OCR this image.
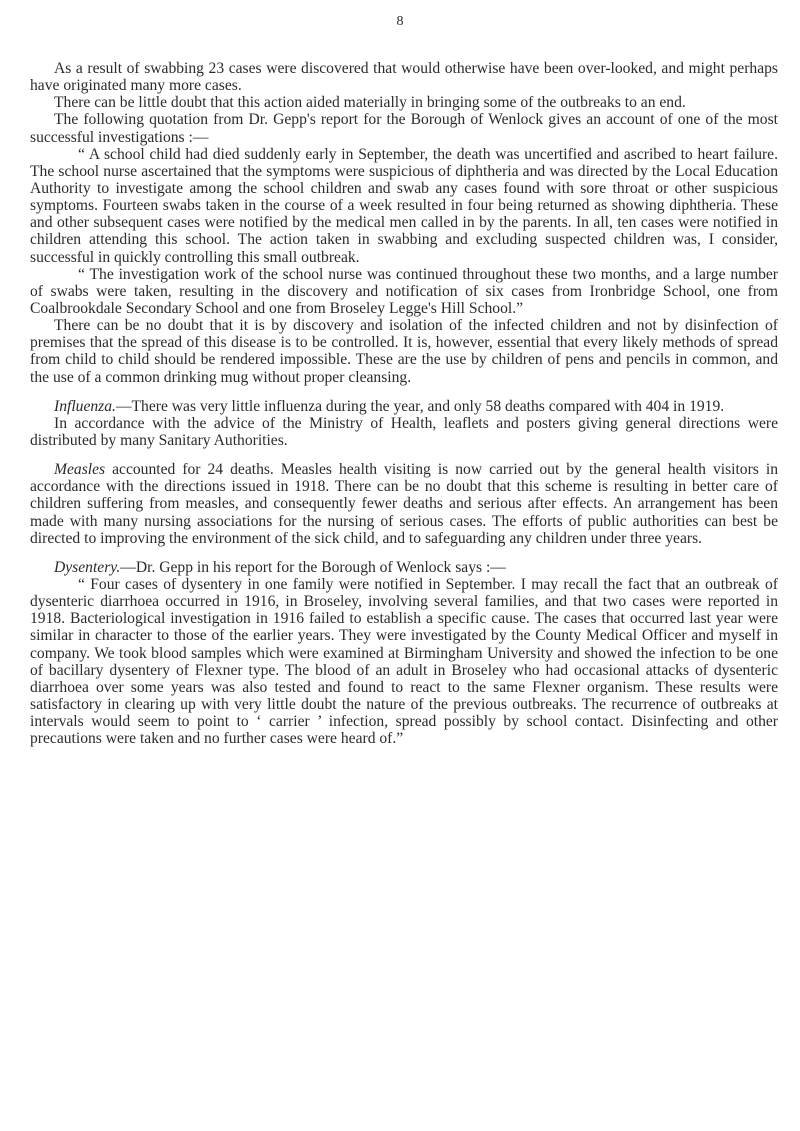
8

As a result of swabbing 23 cases were discovered that would otherwise have been over-looked, and might perhaps have originated many more cases.

There can be little doubt that this action aided materially in bringing some of the outbreaks to an end.

The following quotation from Dr. Gepp's report for the Borough of Wenlock gives an account of one of the most successful investigations :—

“ A school child had died suddenly early in September, the death was uncertified and ascribed to heart failure. The school nurse ascertained that the symptoms were suspicious of diphtheria and was directed by the Local Education Authority to investigate among the school children and swab any cases found with sore throat or other suspicious symptoms. Fourteen swabs taken in the course of a week resulted in four being returned as showing diphtheria. These and other subsequent cases were notified by the medical men called in by the parents. In all, ten cases were notified in children attending this school. The action taken in swabbing and excluding suspected children was, I consider, successful in quickly controlling this small outbreak.

“ The investigation work of the school nurse was continued throughout these two months, and a large number of swabs were taken, resulting in the discovery and notification of six cases from Ironbridge School, one from Coalbrookdale Secondary School and one from Broseley Legge's Hill School.”

There can be no doubt that it is by discovery and isolation of the infected children and not by disinfection of premises that the spread of this disease is to be controlled. It is, however, essential that every likely methods of spread from child to child should be rendered impossible. These are the use by children of pens and pencils in common, and the use of a common drinking mug without proper cleansing.

Influenza.—There was very little influenza during the year, and only 58 deaths compared with 404 in 1919.

In accordance with the advice of the Ministry of Health, leaflets and posters giving general directions were distributed by many Sanitary Authorities.

Measles accounted for 24 deaths. Measles health visiting is now carried out by the general health visitors in accordance with the directions issued in 1918. There can be no doubt that this scheme is resulting in better care of children suffering from measles, and consequently fewer deaths and serious after effects. An arrangement has been made with many nursing associations for the nursing of serious cases. The efforts of public authorities can best be directed to improving the environment of the sick child, and to safeguarding any children under three years.

Dysentery.—Dr. Gepp in his report for the Borough of Wenlock says :—

“ Four cases of dysentery in one family were notified in September. I may recall the fact that an outbreak of dysenteric diarrhoea occurred in 1916, in Broseley, involving several families, and that two cases were reported in 1918. Bacteriological investigation in 1916 failed to establish a specific cause. The cases that occurred last year were similar in character to those of the earlier years. They were investigated by the County Medical Officer and myself in company. We took blood samples which were examined at Birmingham University and showed the infection to be one of bacillary dysentery of Flexner type. The blood of an adult in Broseley who had occasional attacks of dysenteric diarrhoea over some years was also tested and found to react to the same Flexner organism. These results were satisfactory in clearing up with very little doubt the nature of the previous outbreaks. The recurrence of outbreaks at intervals would seem to point to ‘ carrier ’ infection, spread possibly by school contact. Disinfecting and other precautions were taken and no further cases were heard of.”
